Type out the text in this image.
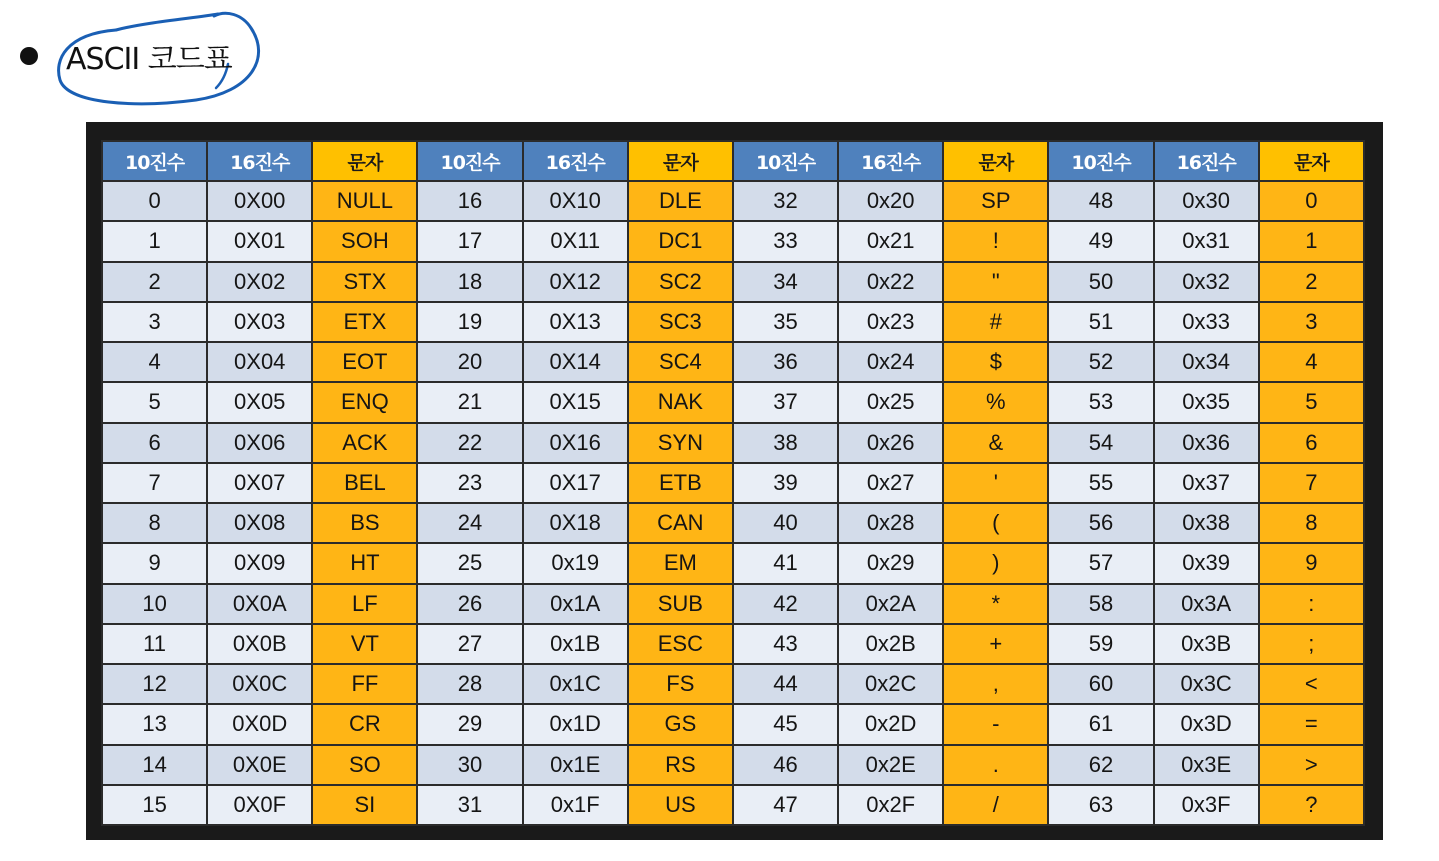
ASCII 코드표
10진수	16진수	문자	10진수	16진수	문자	10진수	16진수	문자	10진수	16진수	문자
0	0X00	NULL	16	0X10	DLE	32	0x20	SP	48	0x30	0
1	0X01	SOH	17	0X11	DC1	33	0x21	!	49	0x31	1
2	0X02	STX	18	0X12	SC2	34	0x22	"	50	0x32	2
3	0X03	ETX	19	0X13	SC3	35	0x23	#	51	0x33	3
4	0X04	EOT	20	0X14	SC4	36	0x24	$	52	0x34	4
5	0X05	ENQ	21	0X15	NAK	37	0x25	%	53	0x35	5
6	0X06	ACK	22	0X16	SYN	38	0x26	&	54	0x36	6
7	0X07	BEL	23	0X17	ETB	39	0x27	'	55	0x37	7
8	0X08	BS	24	0X18	CAN	40	0x28	(	56	0x38	8
9	0X09	HT	25	0x19	EM	41	0x29	)	57	0x39	9
10	0X0A	LF	26	0x1A	SUB	42	0x2A	*	58	0x3A	:
11	0X0B	VT	27	0x1B	ESC	43	0x2B	+	59	0x3B	;
12	0X0C	FF	28	0x1C	FS	44	0x2C	,	60	0x3C	<
13	0X0D	CR	29	0x1D	GS	45	0x2D	-	61	0x3D	=
14	0X0E	SO	30	0x1E	RS	46	0x2E	.	62	0x3E	>
15	0X0F	SI	31	0x1F	US	47	0x2F	/	63	0x3F	?
